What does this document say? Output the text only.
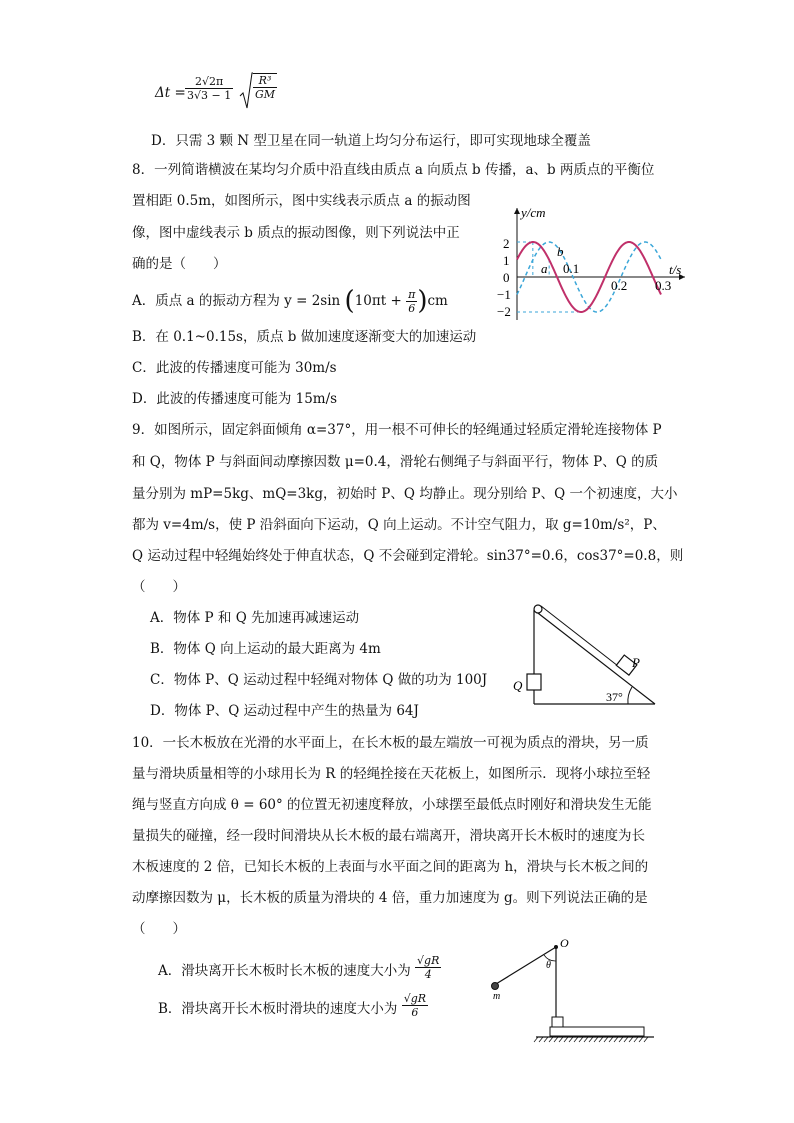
$\Delta t = \frac{2√2\pi}{3√3 - 1} \frac{\text{R³}}{GM}$
D．只需 3 颗 N 型卫星在同一轨道上均匀分布运行，即可实现地球全覆盖
8．一列简谐横波在某均匀介质中沿直线由质点 a 向质点 b 传播，a、b 两质点的平衡位
置相距 0.5m，如图所示，图中实线表示质点 a 的振动图
像，图中虚线表示 b 质点的振动图像，则下列说法中正
确的是（　　）
A．质点 a 的振动方程为 y = 2sin $(10\pi t + \frac{\pi}{6} )cm$
B．在 0.1~0.15s，质点 b 做加速度逐渐变大的加速运动
C．此波的传播速度可能为 30m/s
D．此波的传播速度可能为 15m/s
y/cm
t/s
2
1
0
−1
−2
0.1
0.2 0.3
a
b
9．如图所示，固定斜面倾角 α=37°，用一根不可伸长的轻绳通过轻质定滑轮连接物体 P
和 Q，物体 P 与斜面间动摩擦因数 μ=0.4，滑轮右侧绳子与斜面平行，物体 P、Q 的质
量分别为 mP=5kg、mQ=3kg，初始时 P、Q 均静止。现分别给 P、Q 一个初速度，大小
都为 v=4m/s，使 P 沿斜面向下运动，Q 向上运动。不计空气阻力，取 g=10m/s²，P、
Q 运动过程中轻绳始终处于伸直状态，Q 不会碰到定滑轮。sin37°=0.6，cos37°=0.8，则
（　　）
A．物体 P 和 Q 先加速再减速运动
B．物体 Q 向上运动的最大距离为 4m
C．物体 P、Q 运动过程中轻绳对物体 Q 做的功为 100J
D．物体 P、Q 运动过程中产生的热量为 64J
P
Q
37°
10．一长木板放在光滑的水平面上，在长木板的最左端放一可视为质点的滑块，另一质
量与滑块质量相等的小球用长为 R 的轻绳拴接在天花板上，如图所示．现将小球拉至轻
绳与竖直方向成 θ = 60° 的位置无初速度释放，小球摆至最低点时刚好和滑块发生无能
量损失的碰撞，经一段时间滑块从长木板的最右端离开，滑块离开长木板时的速度为长
木板速度的 2 倍，已知长木板的上表面与水平面之间的距离为 h，滑块与长木板之间的
动摩擦因数为 μ，长木板的质量为滑块的 4 倍，重力加速度为 g。则下列说法正确的是
（　　）
A．滑块离开长木板时长木板的速度大小为 $\frac{√gR}{4}$
B．滑块离开长木板时滑块的速度大小为 $\frac{√gR}{6}$
O
θ
m
